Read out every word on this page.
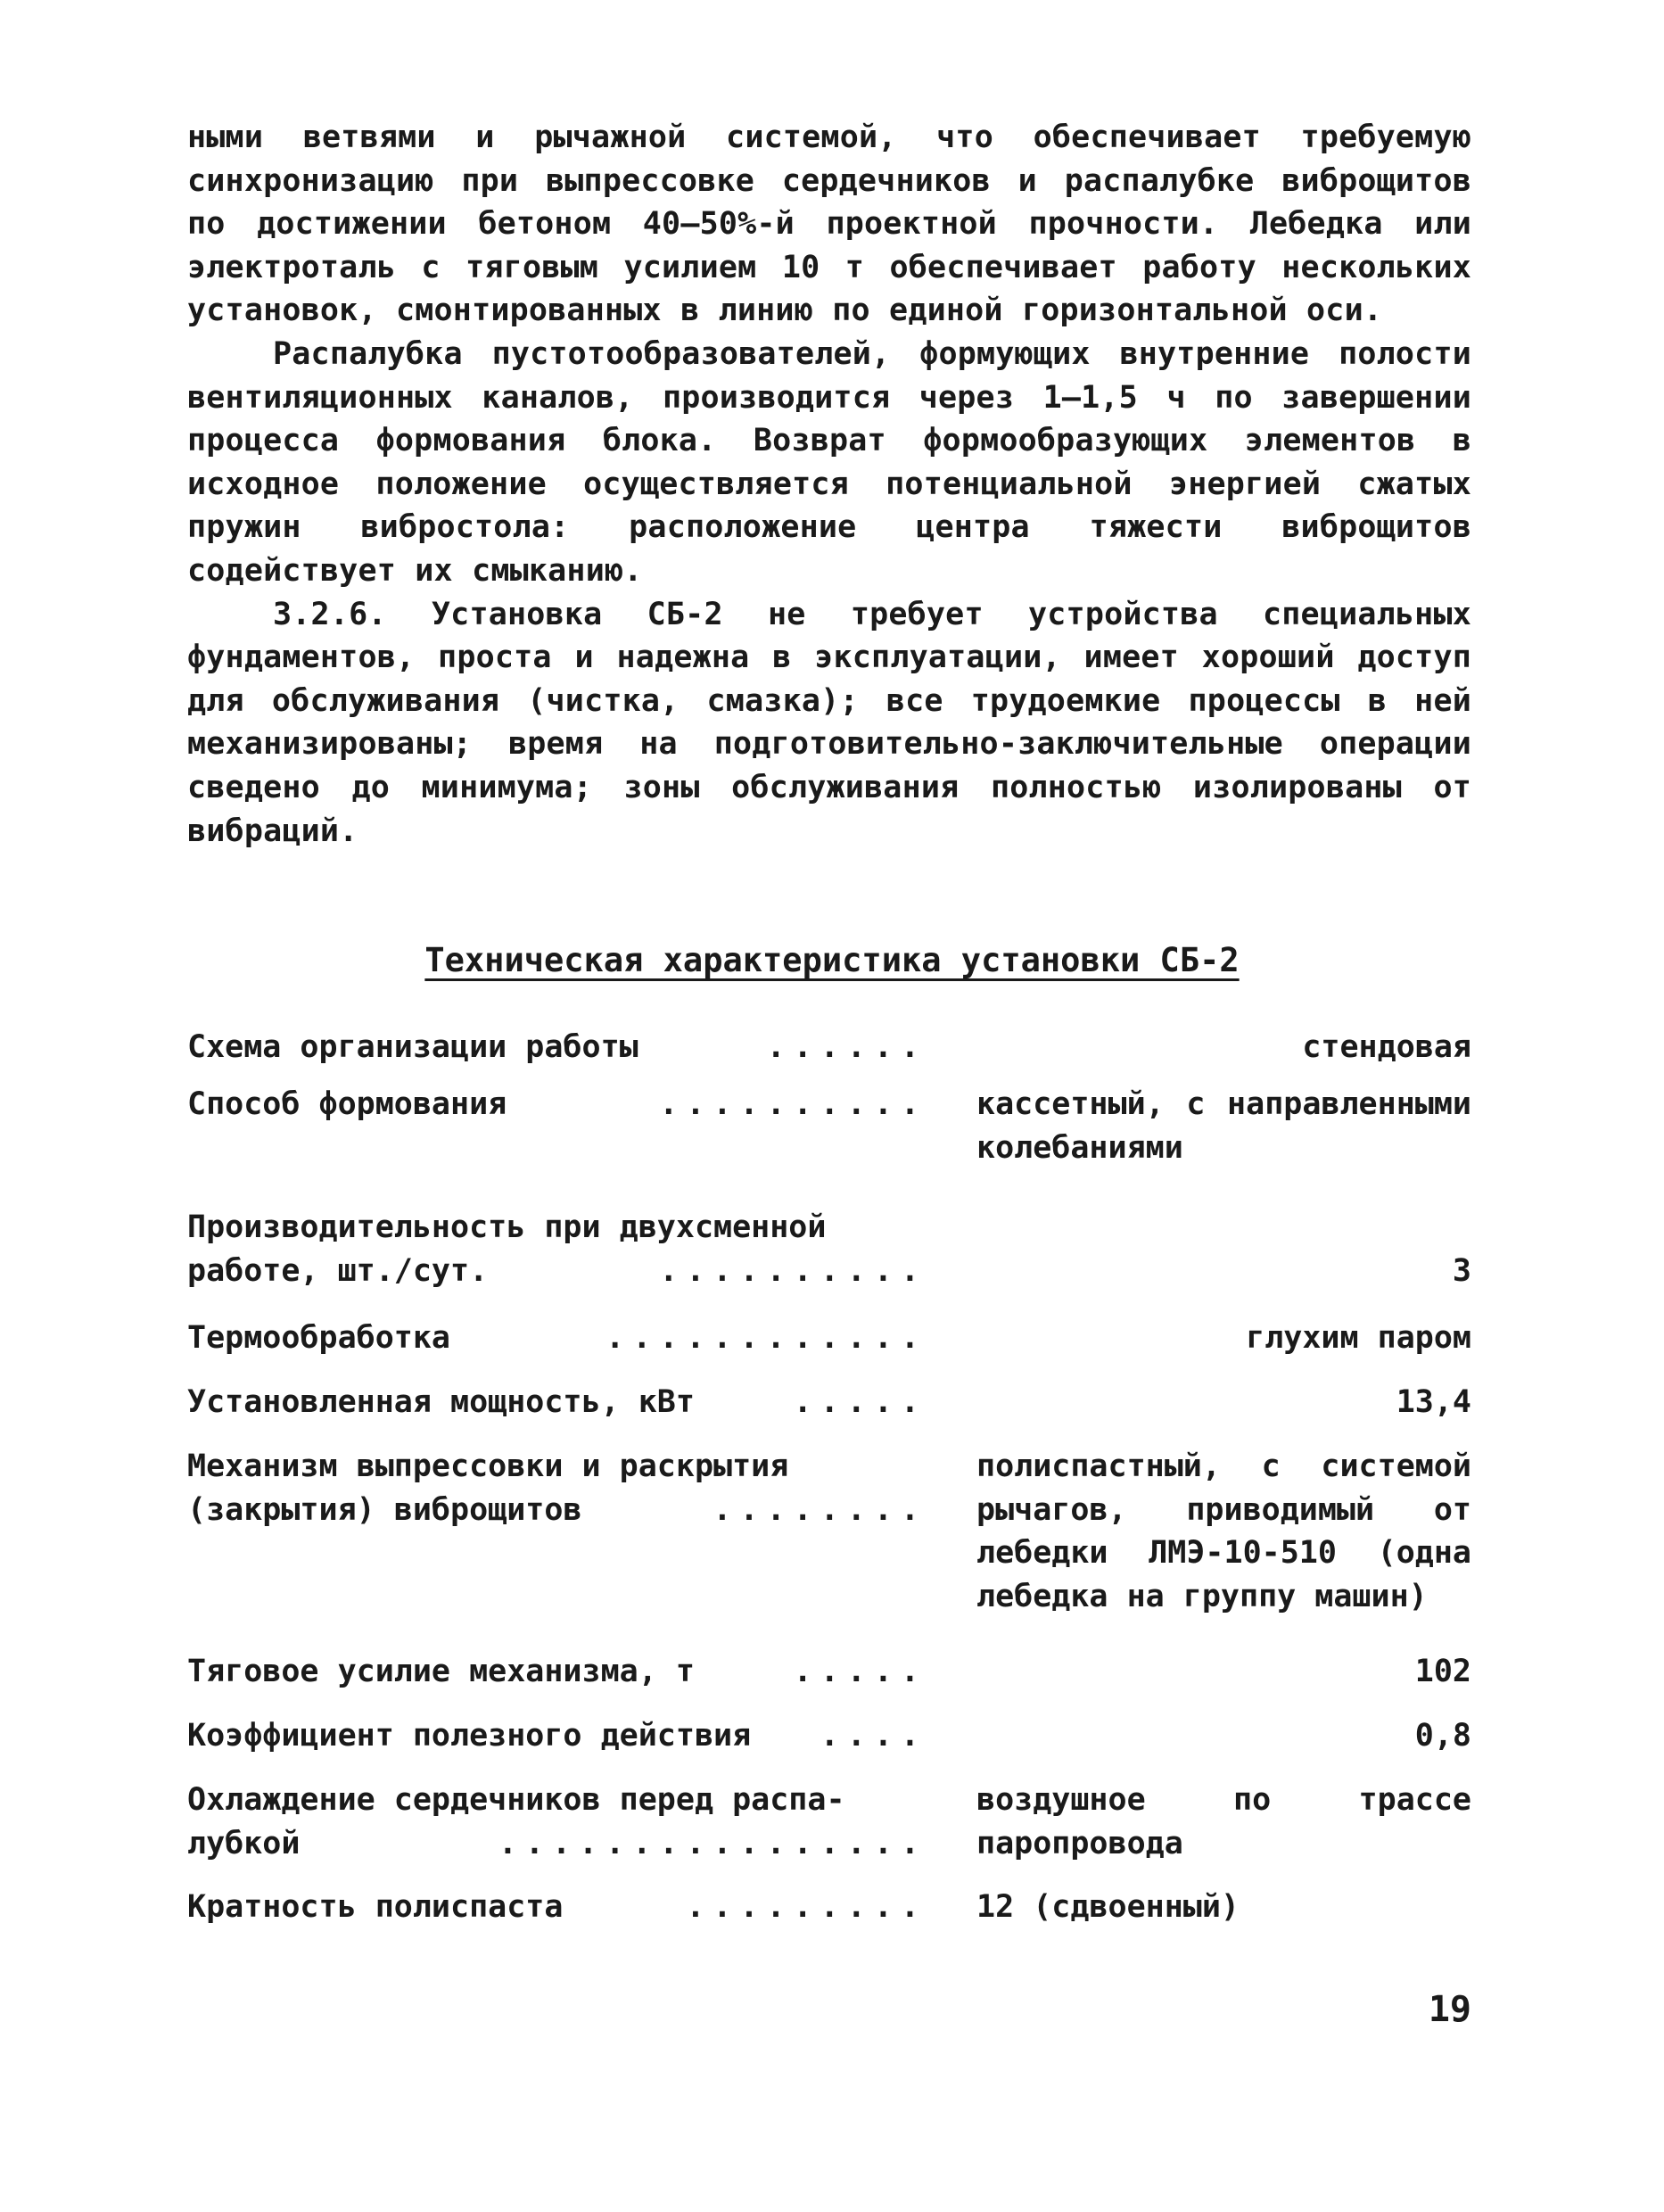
ными ветвями и рычажной системой, что обеспечивает требуемую синхронизацию при выпрессовке сердечников и распалубке виброщитов по достижении бетоном 40–50%-й проектной прочности. Лебедка или электроталь с тяговым усилием 10 т обеспечивает работу нескольких установок, смонтированных в линию по единой горизонтальной оси.

Распалубка пустотообразователей, формующих внутренние полости вентиляционных каналов, производится через 1–1,5 ч по завершении процесса формования блока. Возврат формообразующих элементов в исходное положение осуществляется потенциальной энергией сжатых пружин вибростола: расположение центра тяжести виброщитов содействует их смыканию.

3.2.6. Установка СБ-2 не требует устройства специальных фундаментов, проста и надежна в эксплуатации, имеет хороший доступ для обслуживания (чистка, смазка); все трудоемкие процессы в ней механизированы; время на подготовительно-заключительные операции сведено до минимума; зоны обслуживания полностью изолированы от вибраций.

Техническая характеристика установки СБ-2
Схема организации работы	......	стендовая
Способ формования	.......... кассетный, с направленными колебаниями
Производительность при двухсменной
работе, шт./сут.	..........	3
Термообработка	............	глухим паром
Установленная мощность, кВт	.....	13,4
Механизм выпрессовки и раскрытия
(закрытия) виброщитов	........
полиспастный, с системой рычагов, приводимый от лебедки ЛМЭ-10-510 (одна лебедка на группу машин)
Тяговое усилие механизма, т	.....	102
Коэффициент полезного действия ....	0,8
Охлаждение сердечников перед распа-
лубкой	................
воздушное по трассе паропровода
Кратность полиспаста	......... 12 (сдвоенный)
19
